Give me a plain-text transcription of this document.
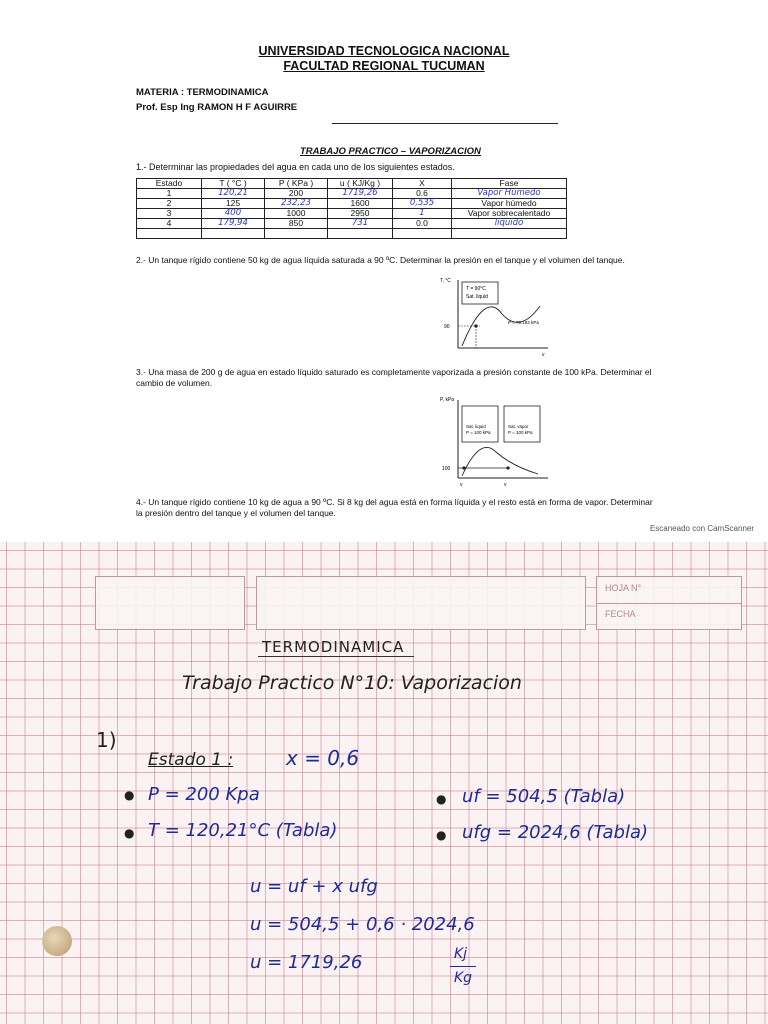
UNIVERSIDAD TECNOLOGICA NACIONAL
FACULTAD REGIONAL TUCUMAN
MATERIA : TERMODINAMICA
Prof. Esp Ing RAMON H F AGUIRRE
TRABAJO PRACTICO – VAPORIZACION
1.- Determinar las propiedades del agua en cada uno de los siguientes estados.
Estado	T ( °C )	P ( KPa )	u ( KJ/Kg )	X	Fase
1	120,21	200	1719,26	0.6	Vapor Húmedo
2	125	232,23	1600	0,535	Vapor húmedo
3	400	1000	2950	1	Vapor sobrecalentado
4	179,94	850	731	0.0	liquido

2.- Un tanque rígido contiene 50 kg de agua líquida saturada a 90 ºC. Determinar la presión en el tanque y el volumen del tanque.
T = 90°C
Sat. liquid
T, °C
90
P = 70.183 kPa
v
3.- Una masa de 200 g de agua en estado líquido saturado es completamente vaporizada a presión constante de 100 kPa. Determinar el cambio de volumen.
P, kPa
Sat. liquid
P = 100 kPa
Sat. vapor
P = 100 kPa
100
v	v
4.- Un tanque rígido contiene 10 kg de agua a 90 ºC. Si 8 kg del agua está en forma líquida y el resto está en forma de vapor. Determinar la presión dentro del tanque y el volumen del tanque.
Escaneado con CamScanner
HOJA N°
FECHA
TERMODINAMICA
Trabajo Practico N°10: Vaporizacion
1)
Estado 1 :	x = 0,6
● P = 200 Kpa
● T = 120,21°C (Tabla)
● uf = 504,5 (Tabla)
● ufg = 2024,6 (Tabla)
u = uf + x ufg
u = 504,5 + 0,6 · 2024,6
u = 1719,26	Kj
Kg
